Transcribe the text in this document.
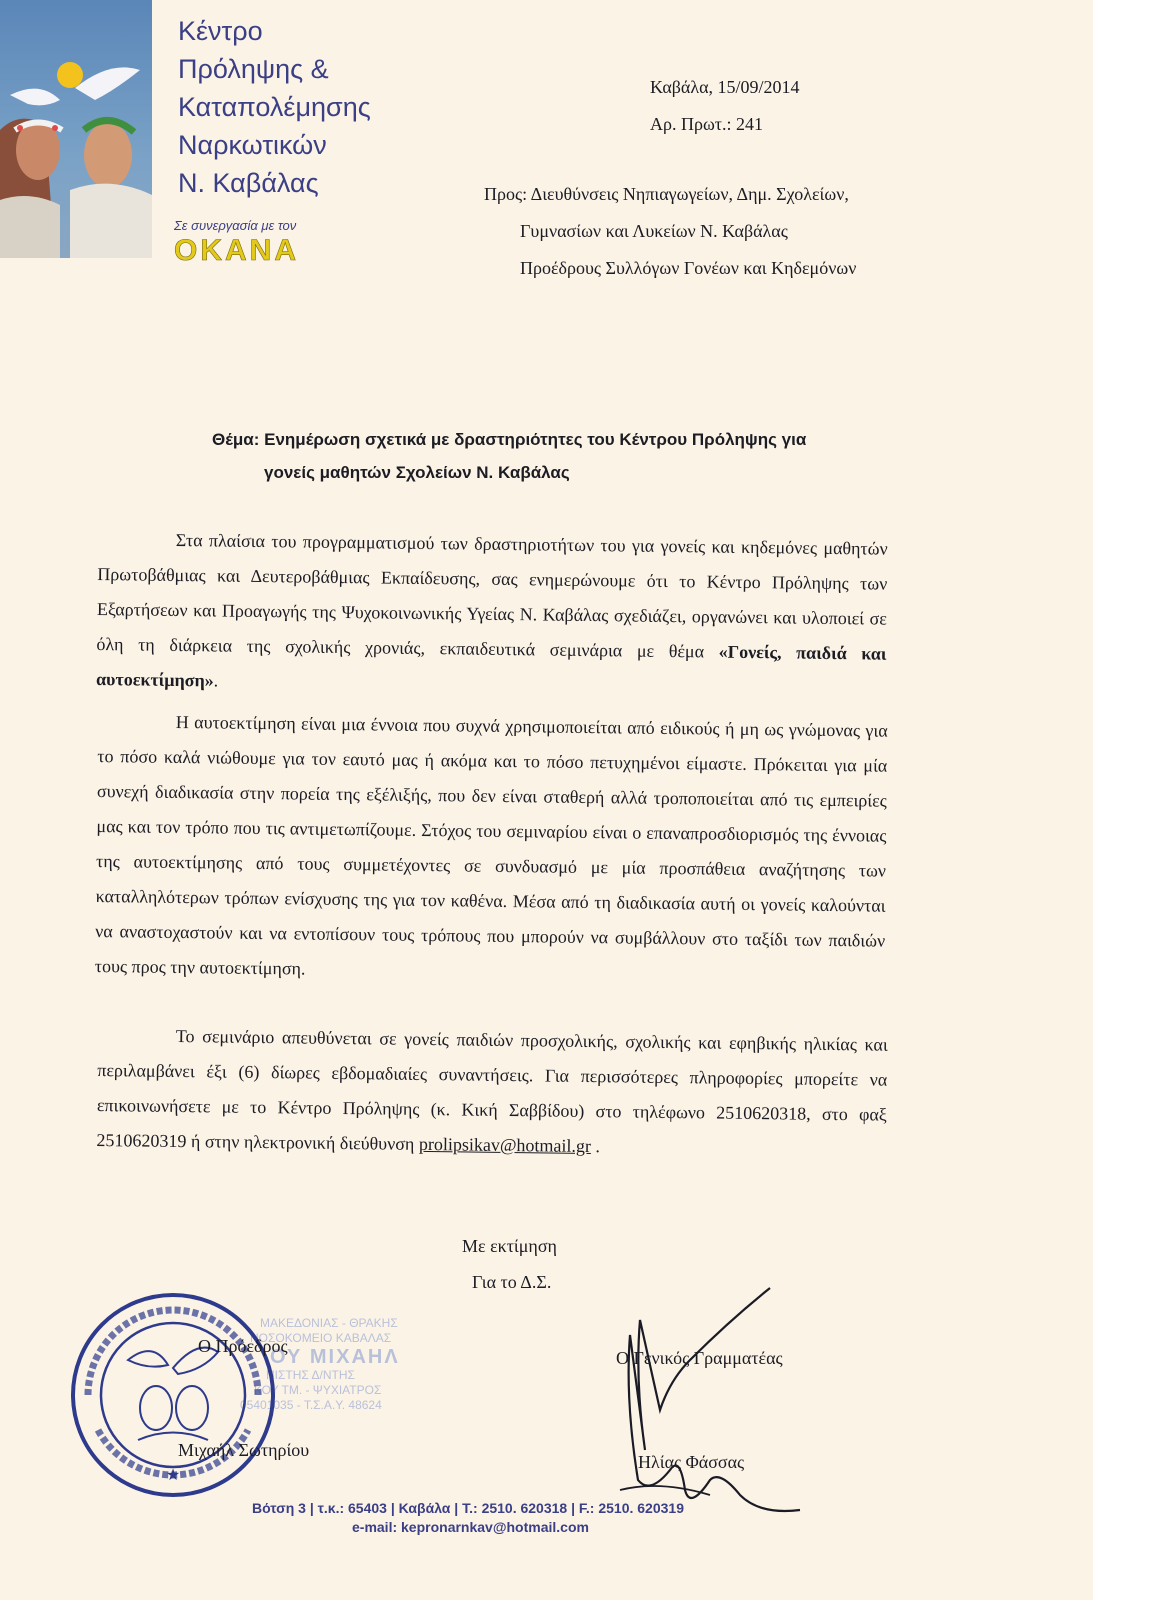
Κέντρο
Πρόληψης &
Καταπολέμησης
Ναρκωτικών
Ν. Καβάλας
Σε συνεργασία με τον
OKANA
Καβάλα, 15/09/2014
Αρ. Πρωτ.: 241
Προς: Διευθύνσεις Νηπιαγωγείων, Δημ. Σχολείων,
Γυμνασίων και Λυκείων Ν. Καβάλας
Προέδρους Συλλόγων Γονέων και Κηδεμόνων
Θέμα: Ενημέρωση σχετικά με δραστηριότητες του Κέντρου Πρόληψης για
γονείς μαθητών Σχολείων Ν. Καβάλας

Στα πλαίσια του προγραμματισμού των δραστηριοτήτων του για γονείς και κηδεμόνες μαθητών Πρωτοβάθμιας και Δευτεροβάθμιας Εκπαίδευσης, σας ενημερώνουμε ότι το Κέντρο Πρόληψης των Εξαρτήσεων και Προαγωγής της Ψυχοκοινωνικής Υγείας Ν. Καβάλας σχεδιάζει, οργανώνει και υλοποιεί σε όλη τη διάρκεια της σχολικής χρονιάς, εκπαιδευτικά σεμινάρια με θέμα «Γονείς, παιδιά και αυτοεκτίμηση».

Η αυτοεκτίμηση είναι μια έννοια που συχνά χρησιμοποιείται από ειδικούς ή μη ως γνώμονας για το πόσο καλά νιώθουμε για τον εαυτό μας ή ακόμα και το πόσο πετυχημένοι είμαστε. Πρόκειται για μία συνεχή διαδικασία στην πορεία της εξέλιξής, που δεν είναι σταθερή αλλά τροποποιείται από τις εμπειρίες μας και τον τρόπο που τις αντιμετωπίζουμε. Στόχος του σεμιναρίου είναι ο επαναπροσδιορισμός της έννοιας της αυτοεκτίμησης από τους συμμετέχοντες σε συνδυασμό με μία προσπάθεια αναζήτησης των καταλληλότερων τρόπων ενίσχυσης της για τον καθένα. Μέσα από τη διαδικασία αυτή οι γονείς καλούνται να αναστοχαστούν και να εντοπίσουν τους τρόπους που μπορούν να συμβάλλουν στο ταξίδι των παιδιών τους προς την αυτοεκτίμηση.

Το σεμινάριο απευθύνεται σε γονείς παιδιών προσχολικής, σχολικής και εφηβικής ηλικίας και περιλαμβάνει έξι (6) δίωρες εβδομαδιαίες συναντήσεις. Για περισσότερες πληροφορίες μπορείτε να επικοινωνήσετε με το Κέντρο Πρόληψης (κ. Κική Σαββίδου) στο τηλέφωνο 2510620318, στο φαξ 2510620319 ή στην ηλεκτρονική διεύθυνση prolipsikav@hotmail.gr .

Με εκτίμηση
Για το Δ.Σ.
ΜΑΚΕΔΟΝΙΑΣ - ΘΡΑΚΗΣ
ΝΟΣΟΚΟΜΕΙΟ ΚΑΒΑΛΑΣ
ΟΥ ΜΙΧΑΗΛ
ΠΙΣΤΗΣ Δ/ΝΤΗΣ
ΚΟΥ ΤΜ. - ΨΥΧΙΑΤΡΟΣ
05401035 - Τ.Σ.Α.Υ. 48624
★
Ο Πρόεδρος
Μιχαήλ Σωτηρίου
Ο Γενικός Γραμματέας
Ηλίας Φάσσας
Βότση 3 | τ.κ.: 65403 | Καβάλα | Τ.: 2510. 620318 | F.: 2510. 620319
e-mail: kepronarnkav@hotmail.com
